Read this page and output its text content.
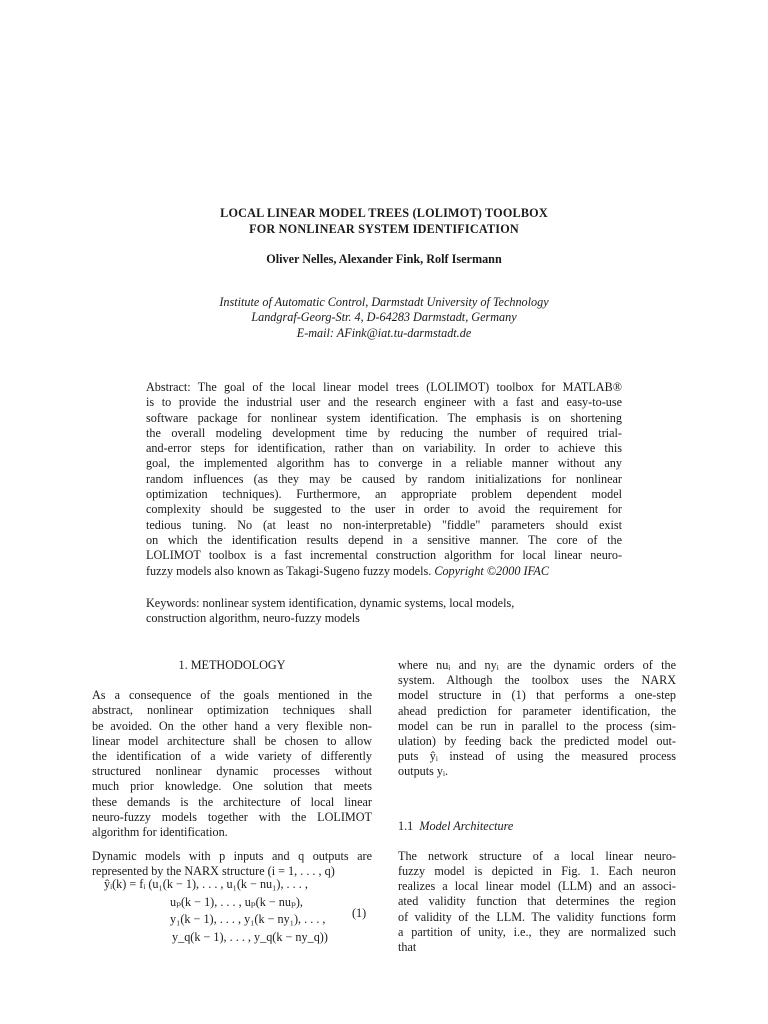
LOCAL LINEAR MODEL TREES (LOLIMOT) TOOLBOX
FOR NONLINEAR SYSTEM IDENTIFICATION
Oliver Nelles, Alexander Fink, Rolf Isermann
Institute of Automatic Control, Darmstadt University of Technology
Landgraf-Georg-Str. 4, D-64283 Darmstadt, Germany
E-mail: AFink@iat.tu-darmstadt.de
Abstract: The goal of the local linear model trees (LOLIMOT) toolbox for MATLAB®
is to provide the industrial user and the research engineer with a fast and easy-to-use
software package for nonlinear system identification. The emphasis is on shortening
the overall modeling development time by reducing the number of required trial-
and-error steps for identification, rather than on variability. In order to achieve this
goal, the implemented algorithm has to converge in a reliable manner without any
random influences (as they may be caused by random initializations for nonlinear
optimization techniques). Furthermore, an appropriate problem dependent model
complexity should be suggested to the user in order to avoid the requirement for
tedious tuning. No (at least no non-interpretable) "fiddle" parameters should exist
on which the identification results depend in a sensitive manner. The core of the
LOLIMOT toolbox is a fast incremental construction algorithm for local linear neuro-
fuzzy models also known as Takagi-Sugeno fuzzy models. Copyright ©2000 IFAC
Keywords: nonlinear system identification, dynamic systems, local models,
construction algorithm, neuro-fuzzy models
1. METHODOLOGY
As a consequence of the goals mentioned in the
abstract, nonlinear optimization techniques shall
be avoided. On the other hand a very flexible non-
linear model architecture shall be chosen to allow
the identification of a wide variety of differently
structured nonlinear dynamic processes without
much prior knowledge. One solution that meets
these demands is the architecture of local linear
neuro-fuzzy models together with the LOLIMOT
algorithm for identification.
Dynamic models with p inputs and q outputs are
represented by the NARX structure (i = 1, . . . , q)
ŷᵢ(k) = fᵢ (u₁(k − 1), . . . , u₁(k − nu₁), . . . ,
uₚ(k − 1), . . . , uₚ(k − nuₚ),
y₁(k − 1), . . . , y₁(k − ny₁), . . . ,
y_q(k − 1), . . . , y_q(k − ny_q))
(1)
where nuᵢ and nyᵢ are the dynamic orders of the
system. Although the toolbox uses the NARX
model structure in (1) that performs a one-step
ahead prediction for parameter identification, the
model can be run in parallel to the process (sim-
ulation) by feeding back the predicted model out-
puts ŷᵢ instead of using the measured process
outputs yᵢ.
1.1 Model Architecture
The network structure of a local linear neuro-
fuzzy model is depicted in Fig. 1. Each neuron
realizes a local linear model (LLM) and an associ-
ated validity function that determines the region
of validity of the LLM. The validity functions form
a partition of unity, i.e., they are normalized such
that
